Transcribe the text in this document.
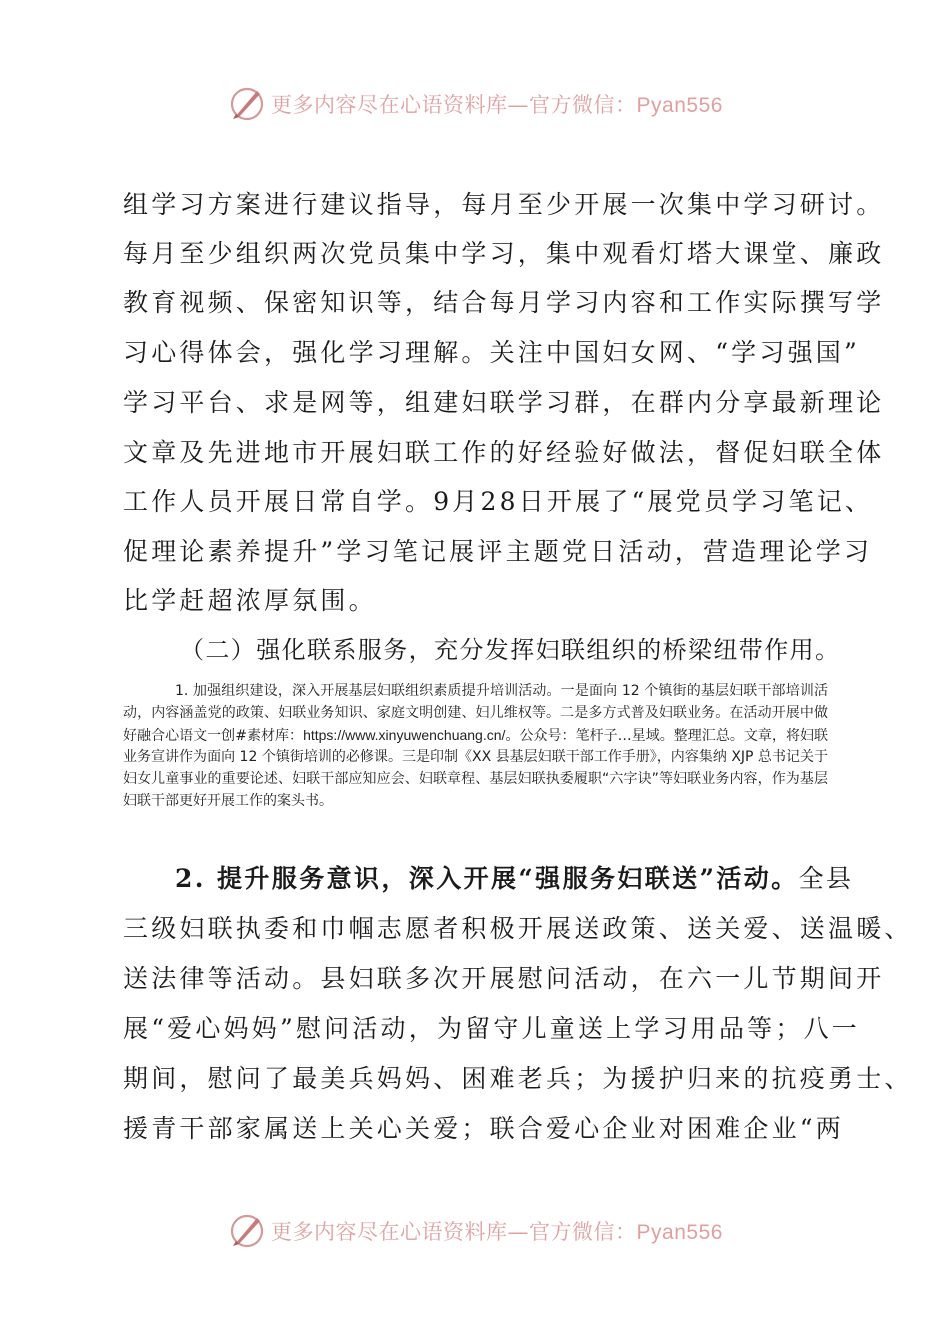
更多内容尽在心语资料库—官方微信：Pyan556
组学习方案进行建议指导，每月至少开展一次集中学习研讨。
每月至少组织两次党员集中学习，集中观看灯塔大课堂、廉政
教育视频、保密知识等，结合每月学习内容和工作实际撰写学
习心得体会，强化学习理解。关注中国妇女网、“学习强国”
学习平台、求是网等，组建妇联学习群，在群内分享最新理论
文章及先进地市开展妇联工作的好经验好做法，督促妇联全体
工作人员开展日常自学。9月28日开展了“展党员学习笔记、
促理论素养提升”学习笔记展评主题党日活动，营造理论学习
比学赶超浓厚氛围。
（二）强化联系服务，充分发挥妇联组织的桥梁纽带作用。
1. 加强组织建设，深入开展基层妇联组织素质提升培训活动。一是面向 12 个镇街的基层妇联干部培训活动，内容涵盖党的政策、妇联业务知识、家庭文明创建、妇儿维权等。二是多方式普及妇联业务。在活动开展中做好融合心语文一创#素材库：https://www.xinyuwenchuang.cn/。公众号：笔杆子…星域。整理汇总。文章，将妇联业务宣讲作为面向 12 个镇街培训的必修课。三是印制《XX 县基层妇联干部工作手册》，内容集纳 XJP 总书记关于妇女儿童事业的重要论述、妇联干部应知应会、妇联章程、基层妇联执委履职“六字诀”等妇联业务内容，作为基层妇联干部更好开展工作的案头书。
2. 提升服务意识，深入开展“强服务妇联送”活动。全县
三级妇联执委和巾帼志愿者积极开展送政策、送关爱、送温暖、
送法律等活动。县妇联多次开展慰问活动，在六一儿节期间开
展“爱心妈妈”慰问活动，为留守儿童送上学习用品等；八一
期间，慰问了最美兵妈妈、困难老兵；为援护归来的抗疫勇士、
援青干部家属送上关心关爱；联合爱心企业对困难企业“两
更多内容尽在心语资料库—官方微信：Pyan556
